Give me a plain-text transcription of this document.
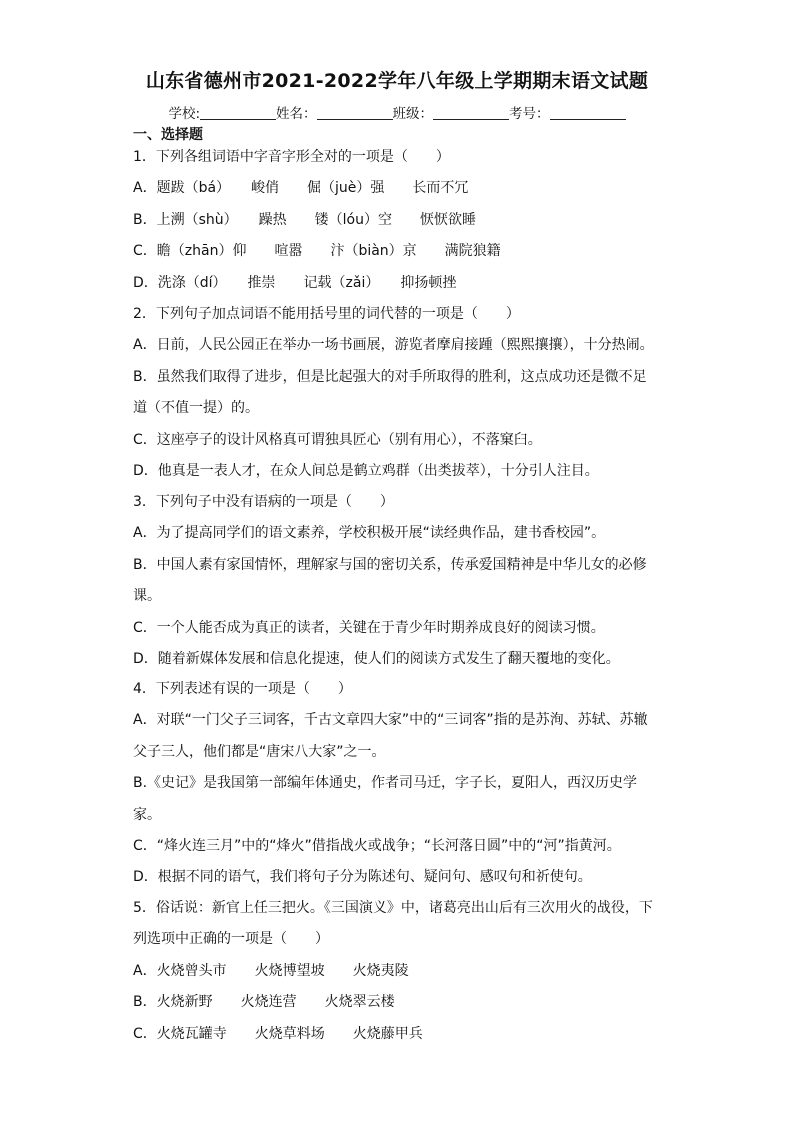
山东省德州市2021-2022学年八年级上学期期末语文试题
学校:	姓名：	班级：	考号：
一、选择题

1．下列各组词语中字音字形全对的一项是（　　）

A．题跋（bá）　　峻俏　　倔（juè）强　　长而不冗

B．上溯（shù）　　躁热　　镂（lóu）空　　恹恹欲睡

C．瞻（zhān）仰　　喧嚣　　汴（biàn）京　　满院狼籍

D．洗涤（dí）　　推崇　　记载（zǎi）　　抑扬顿挫

2．下列句子加点词语不能用括号里的词代替的一项是（　　）

A．日前，人民公园正在举办一场书画展，游览者摩肩接踵（熙熙攘攘），十分热闹。

B．虽然我们取得了进步，但是比起强大的对手所取得的胜利，这点成功还是微不足道（不值一提）的。

C．这座亭子的设计风格真可谓独具匠心（别有用心），不落窠臼。

D．他真是一表人才，在众人间总是鹤立鸡群（出类拔萃），十分引人注目。

3．下列句子中没有语病的一项是（　　）

A．为了提高同学们的语文素养，学校积极开展“读经典作品，建书香校园”。

B．中国人素有家国情怀，理解家与国的密切关系，传承爱国精神是中华儿女的必修课。

C．一个人能否成为真正的读者，关键在于青少年时期养成良好的阅读习惯。

D．随着新媒体发展和信息化提速，使人们的阅读方式发生了翻天覆地的变化。

4．下列表述有误的一项是（　　）

A．对联“一门父子三词客，千古文章四大家”中的“三词客”指的是苏洵、苏轼、苏辙父子三人，他们都是“唐宋八大家”之一。

B.《史记》是我国第一部编年体通史，作者司马迁，字子长，夏阳人，西汉历史学家。

C．“烽火连三月”中的“烽火”借指战火或战争；“长河落日圆”中的“河”指黄河。

D．根据不同的语气，我们将句子分为陈述句、疑问句、感叹句和祈使句。

5．俗话说：新官上任三把火。《三国演义》中，诸葛亮出山后有三次用火的战役，下列选项中正确的一项是（　　）

A．火烧曾头市　　火烧博望坡　　火烧夷陵

B．火烧新野　　火烧连营　　火烧翠云楼

C．火烧瓦罐寺　　火烧草料场　　火烧藤甲兵
